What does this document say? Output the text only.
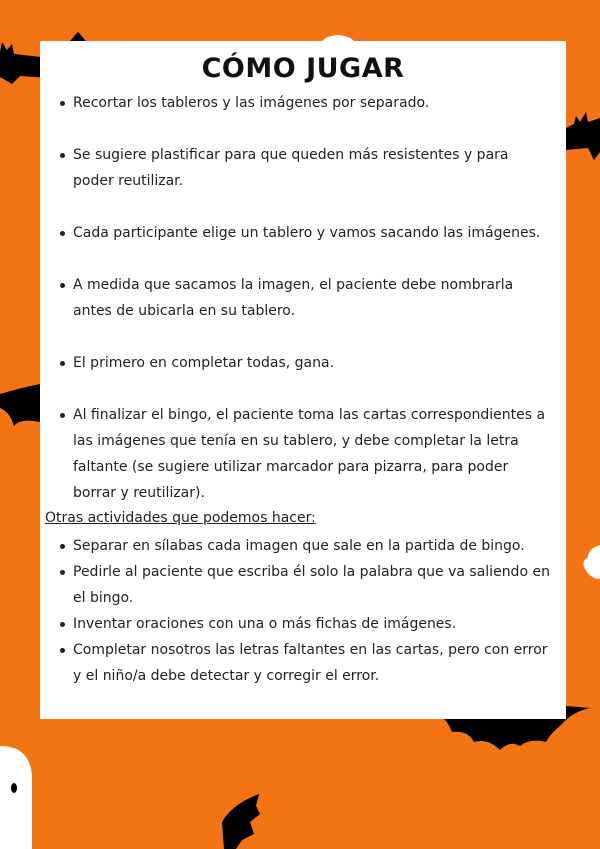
CÓMO JUGAR
Recortar los tableros y las imágenes por separado.
Se sugiere plastificar para que queden más resistentes y para poder reutilizar.
Cada participante elige un tablero y vamos sacando las imágenes.
A medida que sacamos la imagen, el paciente debe nombrarla antes de ubicarla en su tablero.
El primero en completar todas, gana.
Al finalizar el bingo, el paciente toma las cartas correspondientes a las imágenes que tenía en su tablero, y debe completar la letra faltante (se sugiere utilizar marcador para pizarra, para poder borrar y reutilizar).
Otras actividades que podemos hacer:
Separar en sílabas cada imagen que sale en la partida de bingo.
Pedirle al paciente que escriba él solo la palabra que va saliendo en el bingo.
Inventar oraciones con una o más fichas de imágenes.
Completar nosotros las letras faltantes en las cartas, pero con error y el niño/a debe detectar y corregir el error.
